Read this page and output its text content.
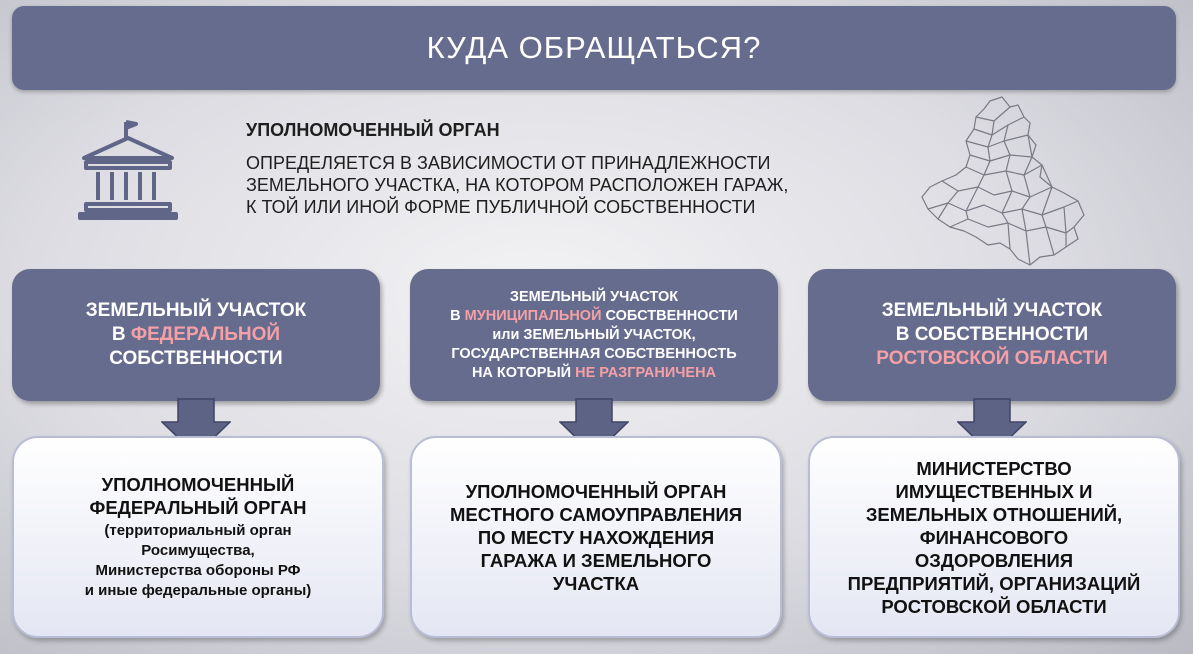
КУДА ОБРАЩАТЬСЯ?
УПОЛНОМОЧЕННЫЙ ОРГАН
ОПРЕДЕЛЯЕТСЯ В ЗАВИСИМОСТИ ОТ ПРИНАДЛЕЖНОСТИ
ЗЕМЕЛЬНОГО УЧАСТКА, НА КОТОРОМ РАСПОЛОЖЕН ГАРАЖ,
К ТОЙ ИЛИ ИНОЙ ФОРМЕ ПУБЛИЧНОЙ СОБСТВЕННОСТИ
ЗЕМЕЛЬНЫЙ УЧАСТОК
В ФЕДЕРАЛЬНОЙ
СОБСТВЕННОСТИ
УПОЛНОМОЧЕННЫЙ
ФЕДЕРАЛЬНЫЙ ОРГАН
(территориальный орган
Росимущества,
Министерства обороны РФ
и иные федеральные органы)
ЗЕМЕЛЬНЫЙ УЧАСТОК
В МУНИЦИПАЛЬНОЙ СОБСТВЕННОСТИ
или ЗЕМЕЛЬНЫЙ УЧАСТОК,
ГОСУДАРСТВЕННАЯ СОБСТВЕННОСТЬ
НА КОТОРЫЙ НЕ РАЗГРАНИЧЕНА
УПОЛНОМОЧЕННЫЙ ОРГАН
МЕСТНОГО САМОУПРАВЛЕНИЯ
ПО МЕСТУ НАХОЖДЕНИЯ
ГАРАЖА И ЗЕМЕЛЬНОГО
УЧАСТКА
ЗЕМЕЛЬНЫЙ УЧАСТОК
В СОБСТВЕННОСТИ
РОСТОВСКОЙ ОБЛАСТИ
МИНИСТЕРСТВО
ИМУЩЕСТВЕННЫХ И
ЗЕМЕЛЬНЫХ ОТНОШЕНИЙ,
ФИНАНСОВОГО
ОЗДОРОВЛЕНИЯ
ПРЕДПРИЯТИЙ, ОРГАНИЗАЦИЙ
РОСТОВСКОЙ ОБЛАСТИ
